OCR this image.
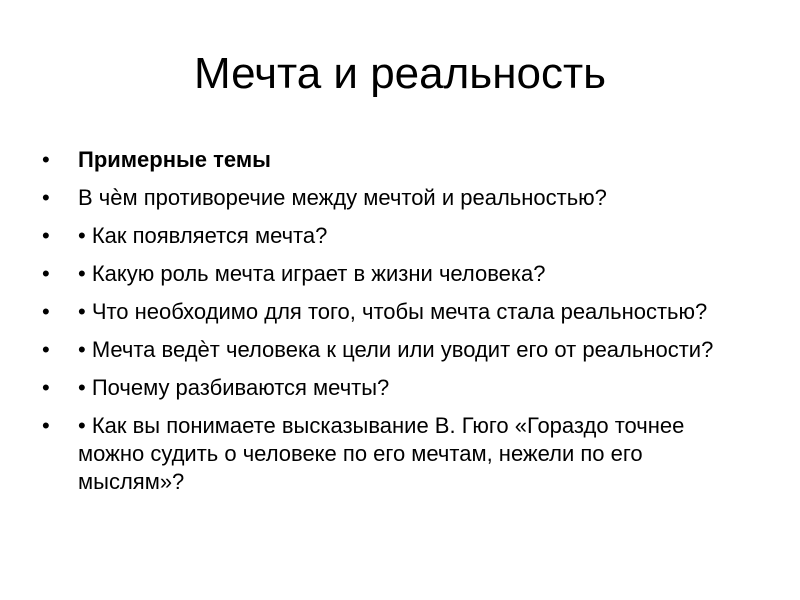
Мечта и реальность
•	Примерные темы
•	В чѐм противоречие между мечтой и реальностью?
•	• Как появляется мечта?
•	• Какую роль мечта играет в жизни человека?
•	• Что необходимо для того, чтобы мечта стала реальностью?
•	• Мечта ведѐт человека к цели или уводит его от реальности?
•	• Почему разбиваются мечты?
•	• Как вы понимаете высказывание В. Гюго «Гораздо точнее можно судить о человеке по его мечтам, нежели по его мыслям»?
